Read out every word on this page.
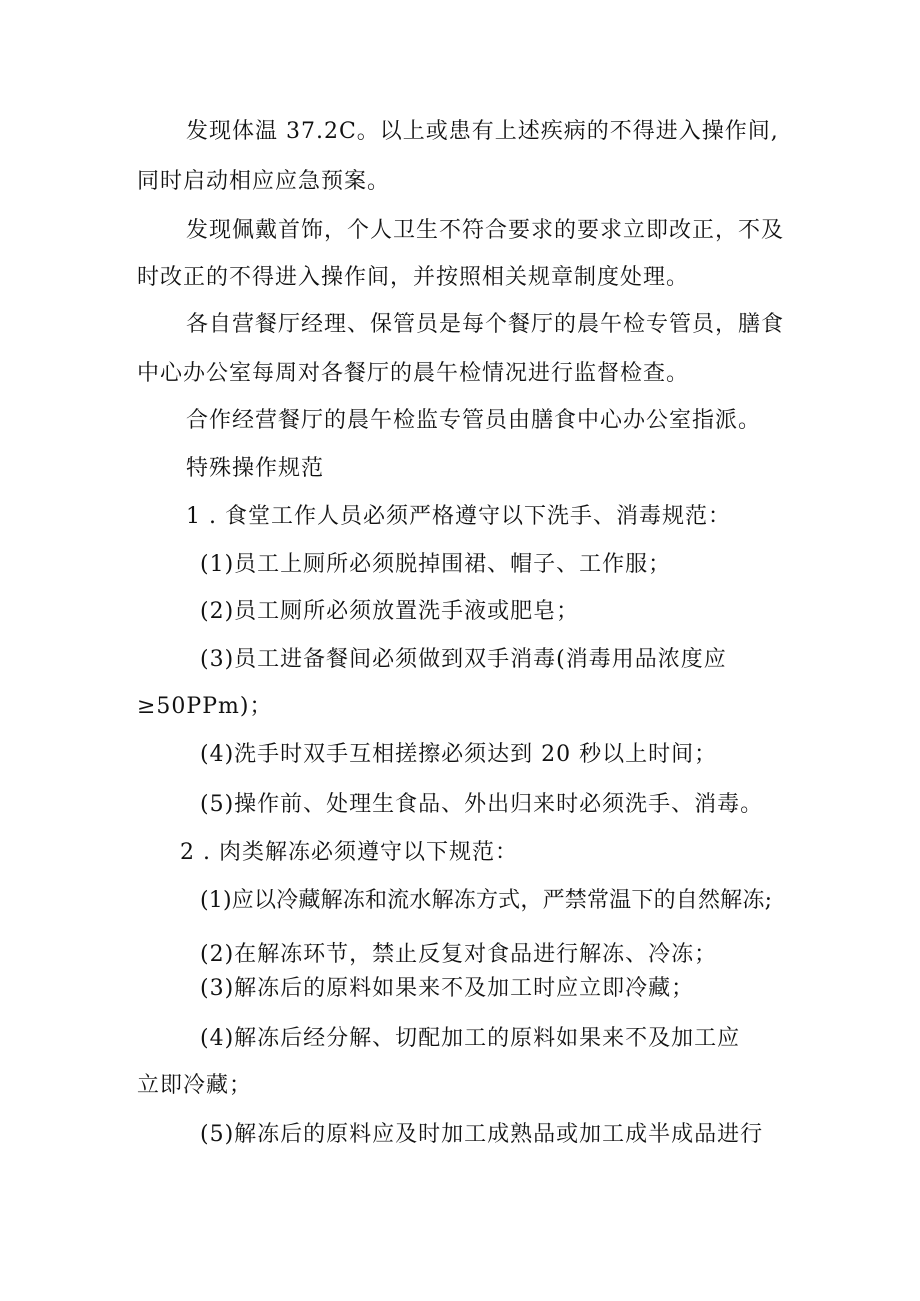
发现体温 37.2C。以上或患有上述疾病的不得进入操作间,
同时启动相应应急预案。
发现佩戴首饰，个人卫生不符合要求的要求立即改正，不及
时改正的不得进入操作间，并按照相关规章制度处理。
各自营餐厅经理、保管员是每个餐厅的晨午检专管员，膳食
中心办公室每周对各餐厅的晨午检情况进行监督检查。
合作经营餐厅的晨午检监专管员由膳食中心办公室指派。
特殊操作规范
1 . 食堂工作人员必须严格遵守以下洗手、消毒规范：
(1)员工上厕所必须脱掉围裙、帽子、工作服；
(2)员工厕所必须放置洗手液或肥皂；
(3)员工进备餐间必须做到双手消毒(消毒用品浓度应
≥50PPm)；
(4)洗手时双手互相搓擦必须达到 20 秒以上时间；
(5)操作前、处理生食品、外出归来时必须洗手、消毒。
2 . 肉类解冻必须遵守以下规范：
(1)应以冷藏解冻和流水解冻方式，严禁常温下的自然解冻;
(2)在解冻环节，禁止反复对食品进行解冻、冷冻；
(3)解冻后的原料如果来不及加工时应立即冷藏；
(4)解冻后经分解、切配加工的原料如果来不及加工应
立即冷藏；
(5)解冻后的原料应及时加工成熟品或加工成半成品进行
